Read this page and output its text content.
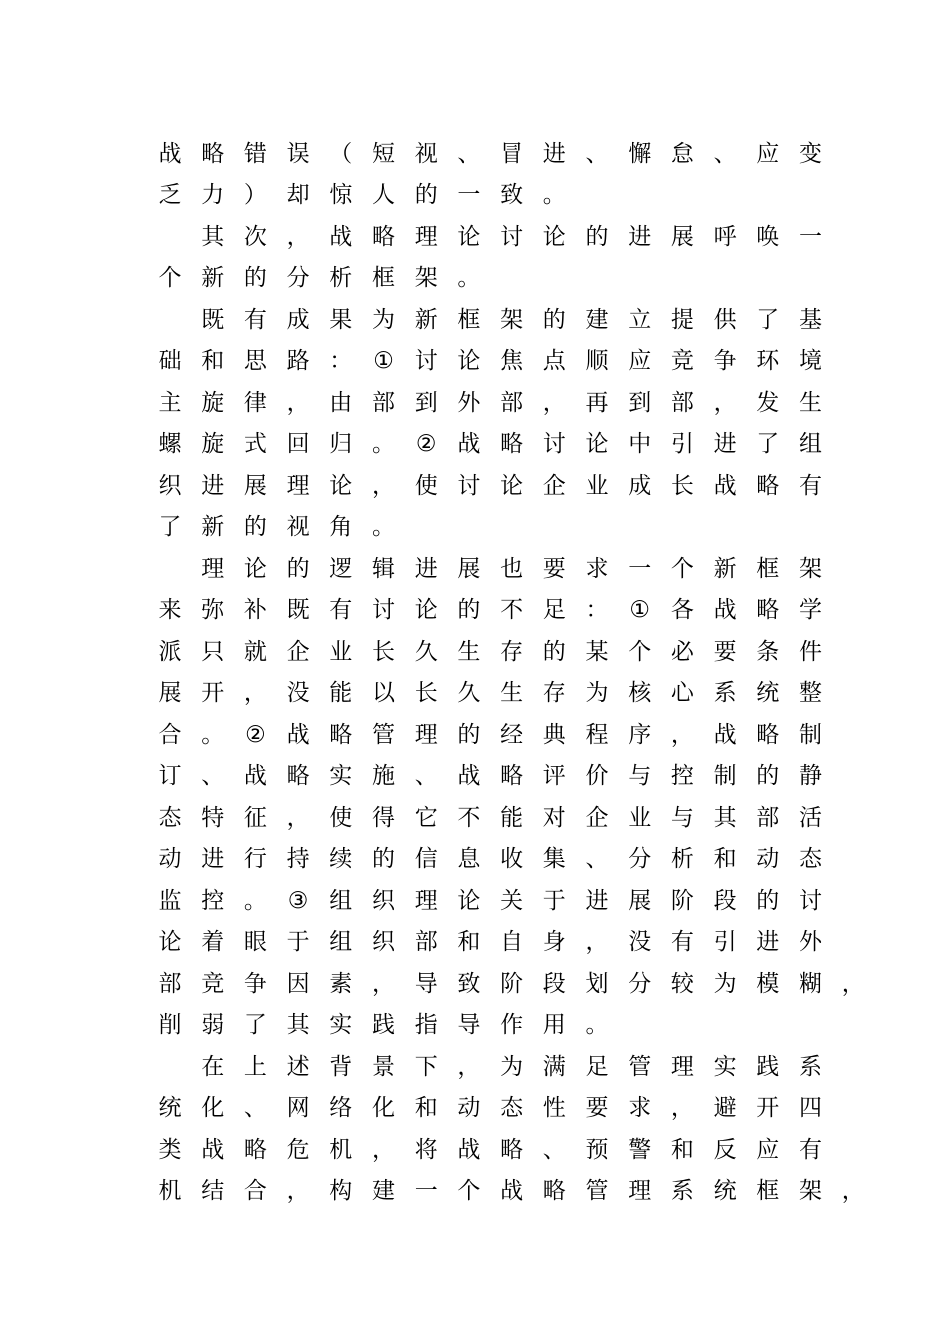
战 略 错 误 （ 短 视 、 冒 进 、 懈 怠 、 应 变
乏 力 ） 却 惊 人 的 一 致 。
其 次 ， 战 略 理 论 讨 论 的 进 展 呼 唤 一
个 新 的 分 析 框 架 。
既 有 成 果 为 新 框 架 的 建 立 提 供 了 基
础 和 思 路 ： ① 讨 论 焦 点 顺 应 竞 争 环 境
主 旋 律 ， 由 部 到 外 部 ， 再 到 部 ， 发 生
螺 旋 式 回 归 。 ② 战 略 讨 论 中 引 进 了 组
织 进 展 理 论 ， 使 讨 论 企 业 成 长 战 略 有
了 新 的 视 角 。
理 论 的 逻 辑 进 展 也 要 求 一 个 新 框 架
来 弥 补 既 有 讨 论 的 不 足 ： ① 各 战 略 学
派 只 就 企 业 长 久 生 存 的 某 个 必 要 条 件
展 开 ， 没 能 以 长 久 生 存 为 核 心 系 统 整
合 。 ② 战 略 管 理 的 经 典 程 序 ， 战 略 制
订 、 战 略 实 施 、 战 略 评 价 与 控 制 的 静
态 特 征 ， 使 得 它 不 能 对 企 业 与 其 部 活
动 进 行 持 续 的 信 息 收 集 、 分 析 和 动 态
监 控 。 ③ 组 织 理 论 关 于 进 展 阶 段 的 讨
论 着 眼 于 组 织 部 和 自 身 ， 没 有 引 进 外
部 竞 争 因 素 ， 导 致 阶 段 划 分 较 为 模 糊 ，
削 弱 了 其 实 践 指 导 作 用 。
在 上 述 背 景 下 ， 为 满 足 管 理 实 践 系
统 化 、 网 络 化 和 动 态 性 要 求 ， 避 开 四
类 战 略 危 机 ， 将 战 略 、 预 警 和 反 应 有
机 结 合 ， 构 建 一 个 战 略 管 理 系 统 框 架 ，
